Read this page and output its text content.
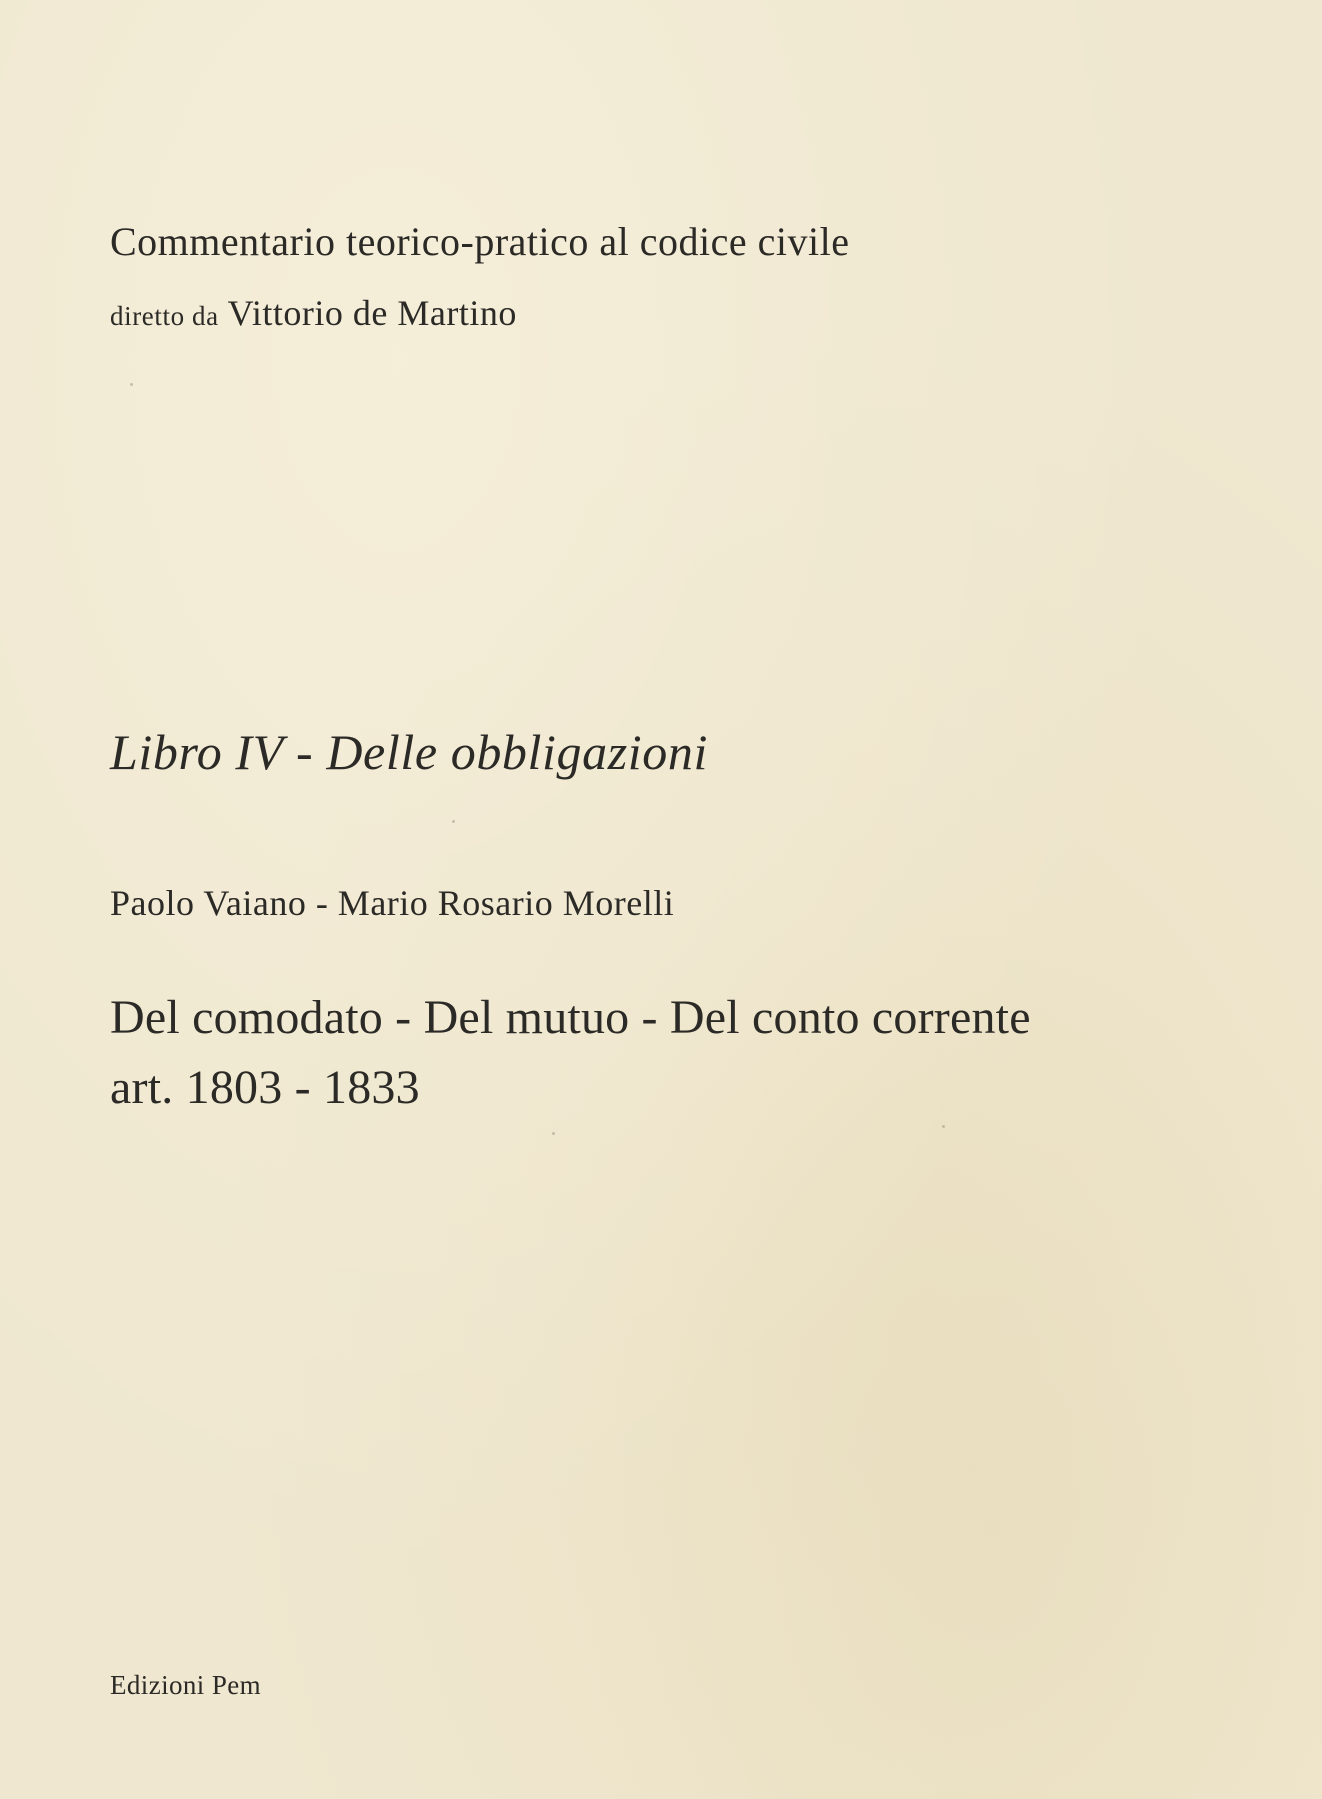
Commentario teorico-pratico al codice civile
diretto da Vittorio de Martino
Libro IV - Delle obbligazioni
Paolo Vaiano - Mario Rosario Morelli
Del comodato - Del mutuo - Del conto corrente
art. 1803 - 1833
Edizioni Pem
